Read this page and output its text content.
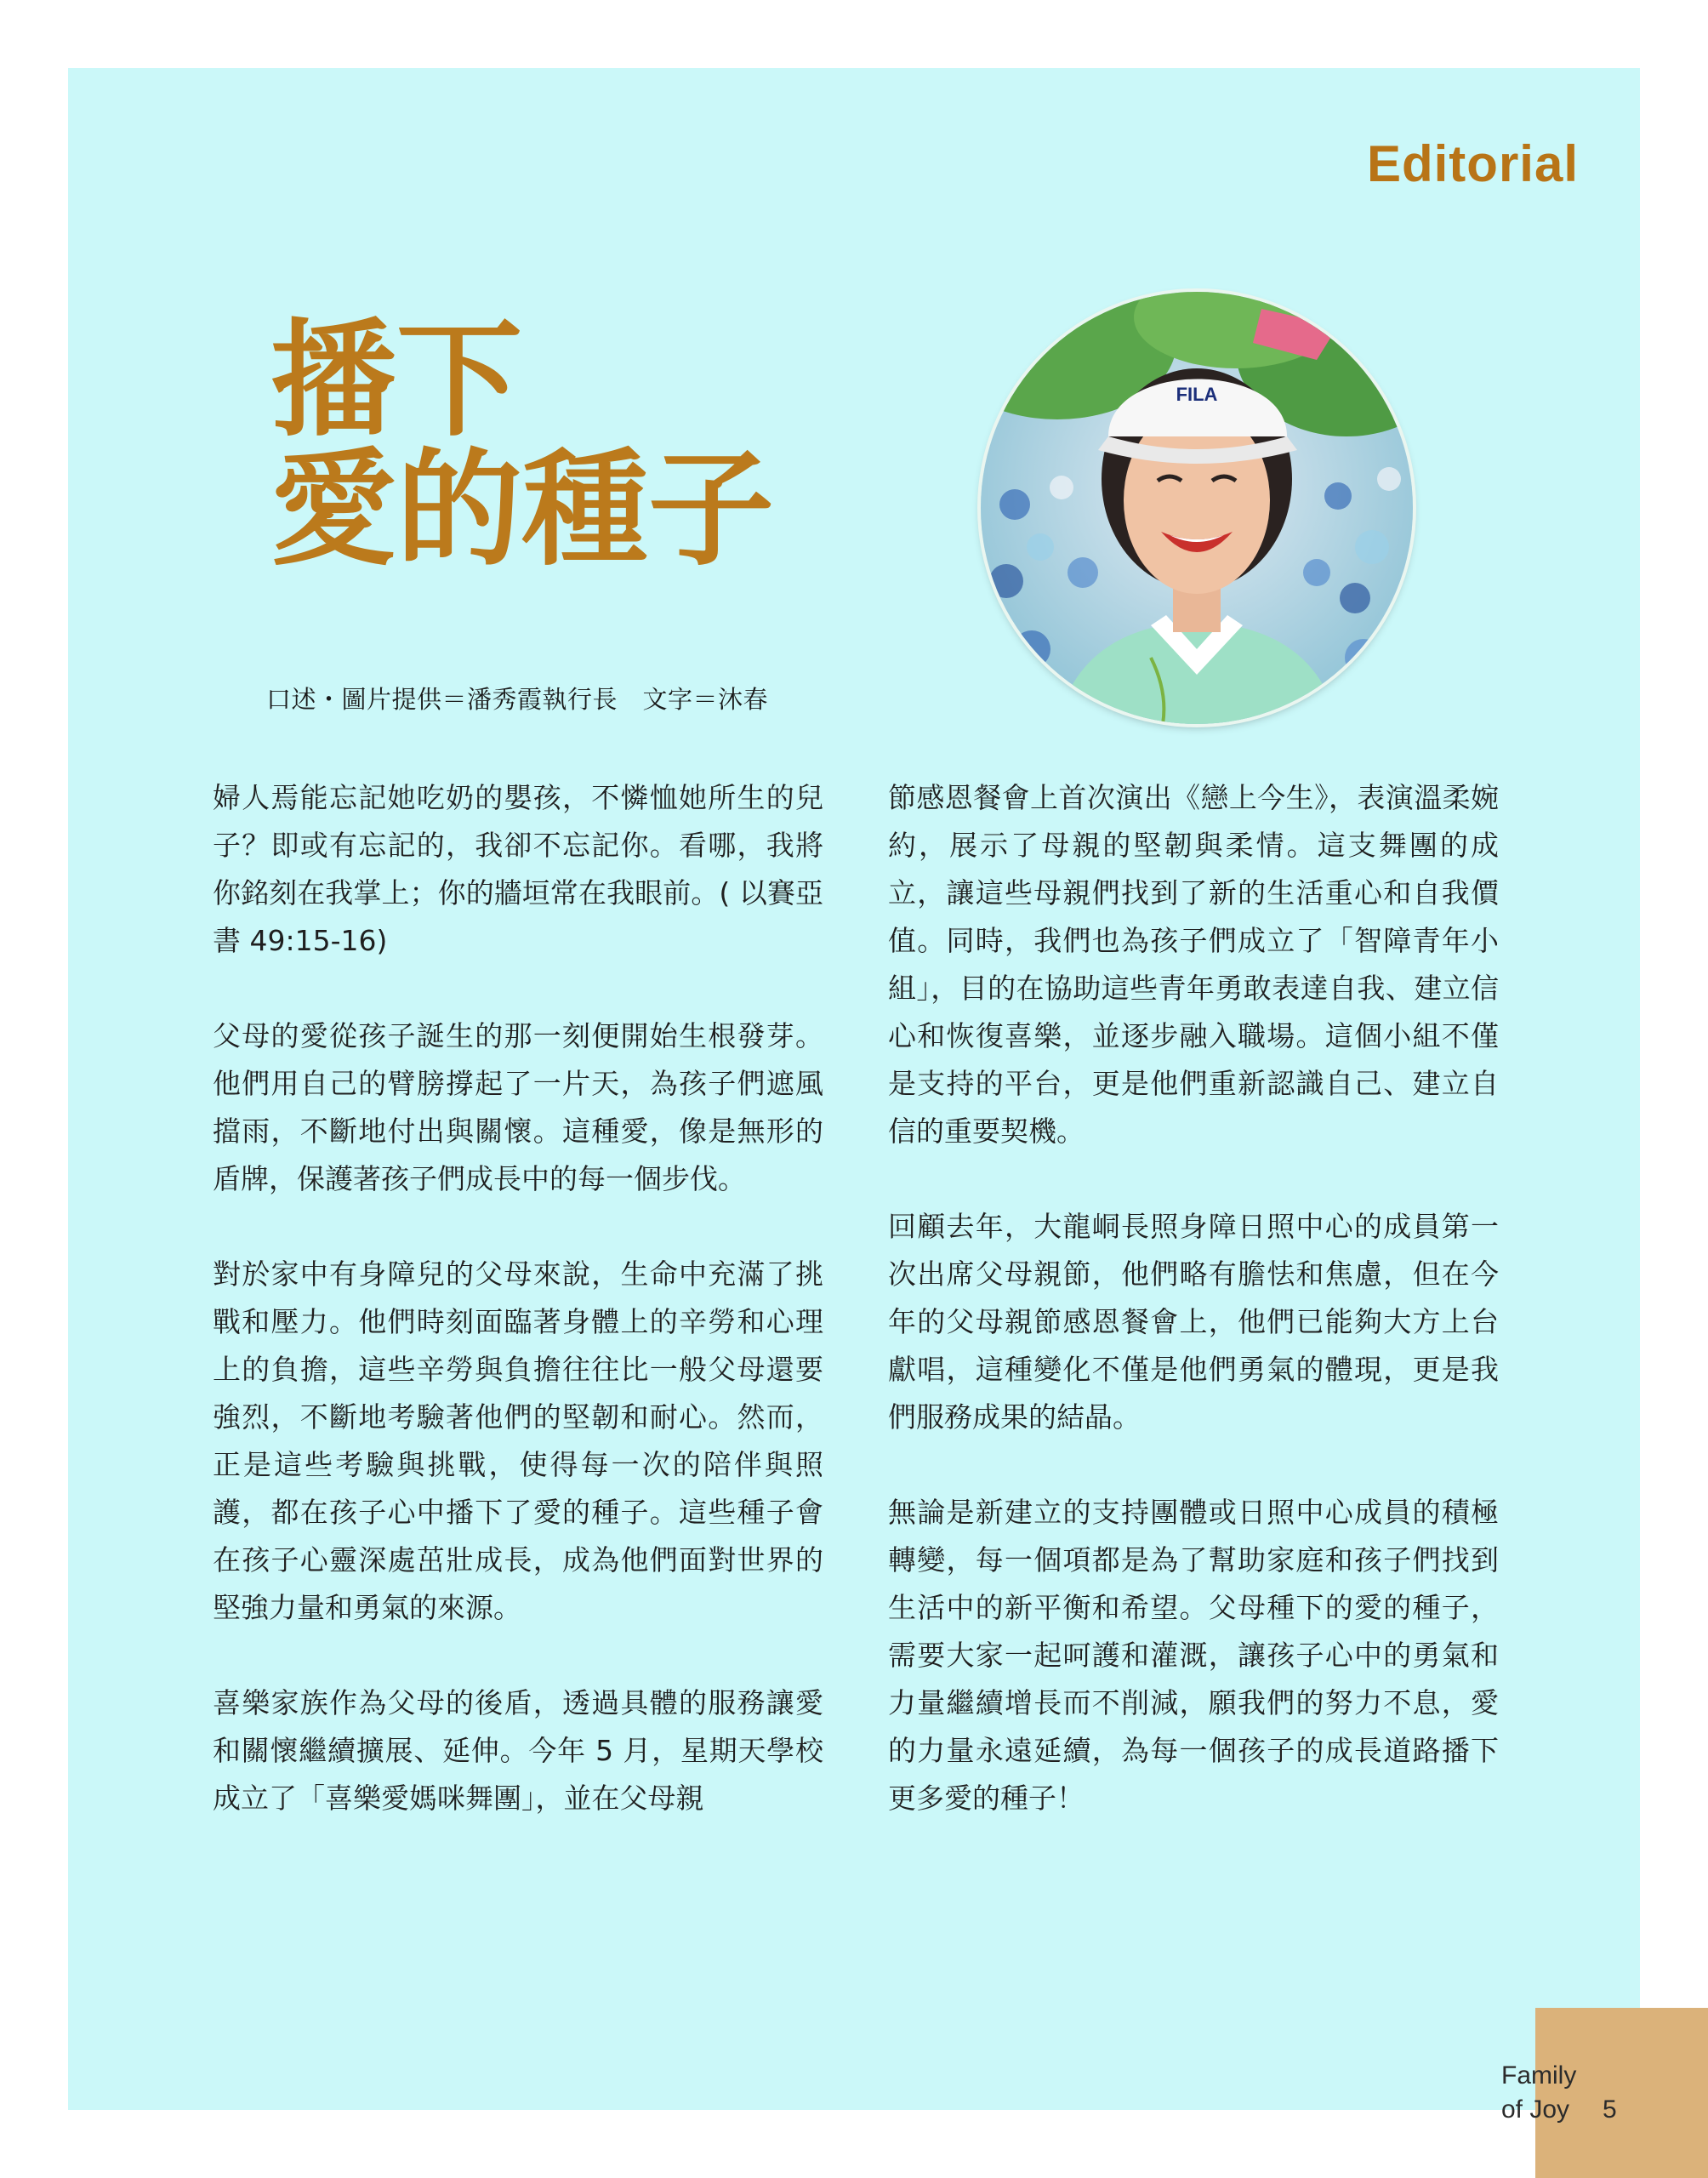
Editorial
播下
愛的種子
FILA
口述・圖片提供＝潘秀霞執行長　文字＝沐春

婦人焉能忘記她吃奶的嬰孩，不憐恤她所生的兒子？即或有忘記的，我卻不忘記你。看哪，我將你銘刻在我掌上；你的牆垣常在我眼前。( 以賽亞書 49:15-16)

父母的愛從孩子誕生的那一刻便開始生根發芽。他們用自己的臂膀撐起了一片天，為孩子們遮風擋雨，不斷地付出與關懷。這種愛，像是無形的盾牌，保護著孩子們成長中的每一個步伐。

對於家中有身障兒的父母來說，生命中充滿了挑戰和壓力。他們時刻面臨著身體上的辛勞和心理上的負擔，這些辛勞與負擔往往比一般父母還要強烈，不斷地考驗著他們的堅韌和耐心。然而，正是這些考驗與挑戰，使得每一次的陪伴與照護，都在孩子心中播下了愛的種子。這些種子會在孩子心靈深處茁壯成長，成為他們面對世界的堅強力量和勇氣的來源。

喜樂家族作為父母的後盾，透過具體的服務讓愛和關懷繼續擴展、延伸。今年 5 月，星期天學校成立了「喜樂愛媽咪舞團」，並在父母親

節感恩餐會上首次演出《戀上今生》，表演溫柔婉約，展示了母親的堅韌與柔情。這支舞團的成立，讓這些母親們找到了新的生活重心和自我價值。同時，我們也為孩子們成立了「智障青年小組」，目的在協助這些青年勇敢表達自我、建立信心和恢復喜樂，並逐步融入職場。這個小組不僅是支持的平台，更是他們重新認識自己、建立自信的重要契機。

回顧去年，大龍峒長照身障日照中心的成員第一次出席父母親節，他們略有膽怯和焦慮，但在今年的父母親節感恩餐會上，他們已能夠大方上台獻唱，這種變化不僅是他們勇氣的體現，更是我們服務成果的結晶。

無論是新建立的支持團體或日照中心成員的積極轉變，每一個項都是為了幫助家庭和孩子們找到生活中的新平衡和希望。父母種下的愛的種子，需要大家一起呵護和灌溉，讓孩子心中的勇氣和力量繼續增長而不削減，願我們的努力不息，愛的力量永遠延續，為每一個孩子的成長道路播下更多愛的種子！

Family
of Joy	5
